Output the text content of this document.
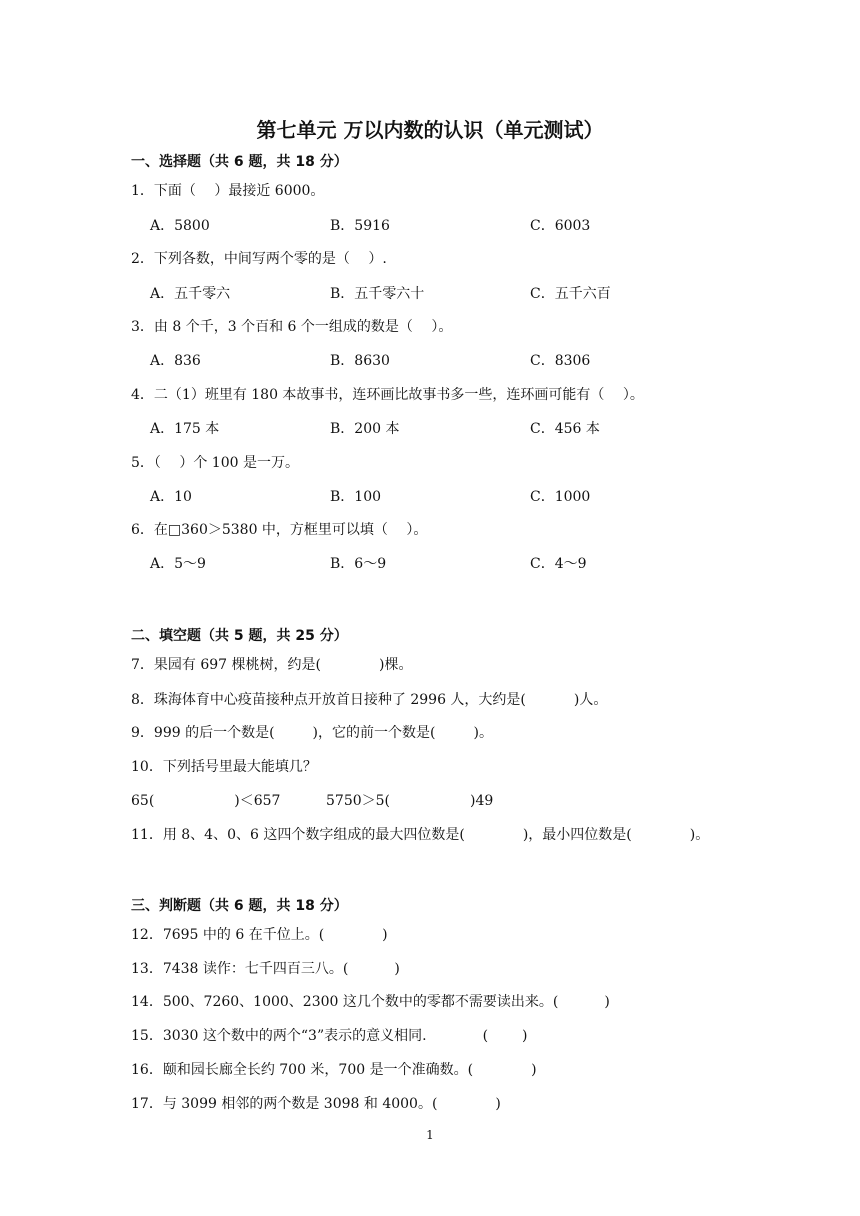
第七单元 万以内数的认识（单元测试）
一、选择题（共 6 题，共 18 分）
1．下面（　 ）最接近 6000。
A．5800	B．5916	C．6003
2．下列各数，中间写两个零的是（　 ）.
A．五千零六	B．五千零六十	C．五千六百
3．由 8 个千，3 个百和 6 个一组成的数是（　 ）。
A．836	B．8630	C．8306
4．二（1）班里有 180 本故事书，连环画比故事书多一些，连环画可能有（　 ）。
A．175 本	B．200 本	C．456 本
5．（　 ）个 100 是一万。
A．10	B．100	C．1000
6．在□360＞5380 中，方框里可以填（　 ）。
A．5～9	B．6～9	C．4～9
二、填空题（共 5 题，共 25 分）
7．果园有 697 棵桃树，约是(	)棵。
8．珠海体育中心疫苗接种点开放首日接种了 2996 人，大约是(	)人。
9．999 的后一个数是(	)，它的前一个数是(	)。
10．下列括号里最大能填几？
65(	)＜657	5750＞5(	)49
11．用 8、4、0、6 这四个数字组成的最大四位数是(	)，最小四位数是(	)。
三、判断题（共 6 题，共 18 分）
12．7695 中的 6 在千位上。(	)
13．7438 读作：七千四百三八。(	)
14．500、7260、1000、2300 这几个数中的零都不需要读出来。(	)
15．3030 这个数中的两个“3”表示的意义相同.	( )
16．颐和园长廊全长约 700 米，700 是一个准确数。(	)
17．与 3099 相邻的两个数是 3098 和 4000。(	)
1
